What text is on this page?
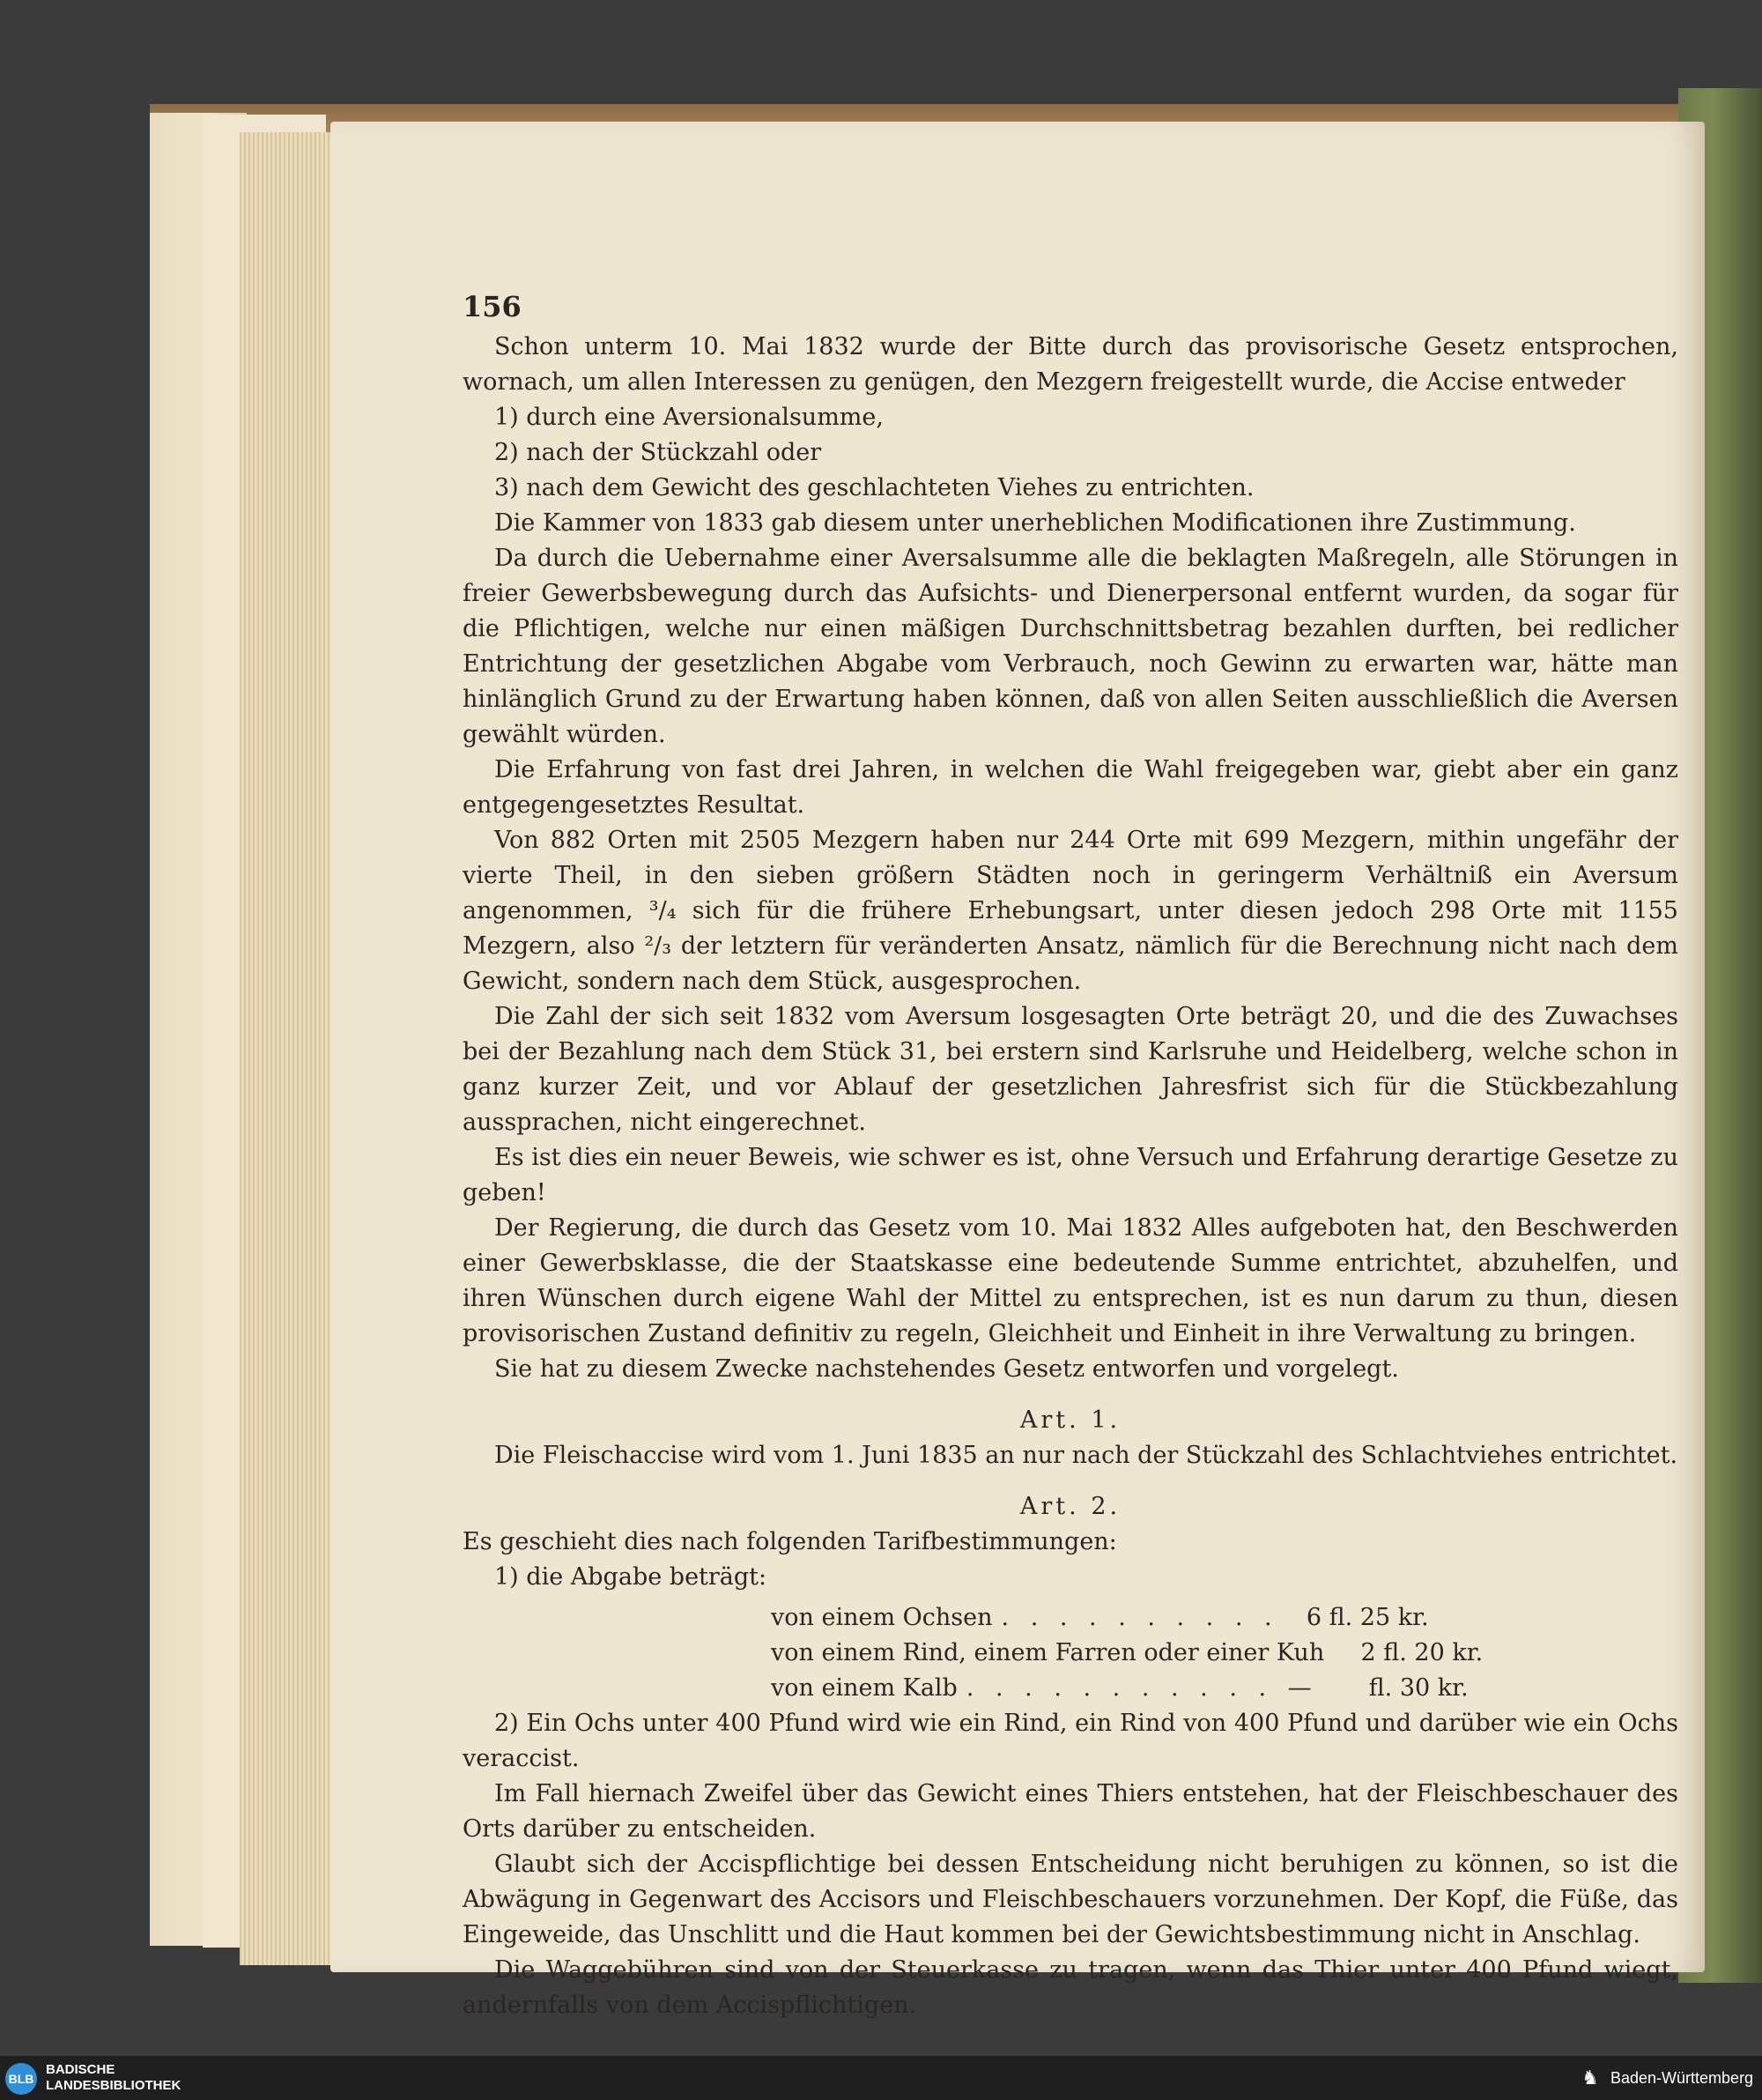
156

Schon unterm 10. Mai 1832 wurde der Bitte durch das provisorische Gesetz entsprochen, wornach, um allen Interessen zu genügen, den Mezgern freigestellt wurde, die Accise entweder

1) durch eine Aversionalsumme,
2) nach der Stückzahl oder
3) nach dem Gewicht des geschlachteten Viehes zu entrichten.

Die Kammer von 1833 gab diesem unter unerheblichen Modificationen ihre Zustimmung.

Da durch die Uebernahme einer Aversalsumme alle die beklagten Maßregeln, alle Störungen in freier Gewerbsbewegung durch das Aufsichts- und Dienerpersonal entfernt wurden, da sogar für die Pflichtigen, welche nur einen mäßigen Durchschnittsbetrag bezahlen durften, bei redlicher Entrichtung der gesetzlichen Abgabe vom Verbrauch, noch Gewinn zu erwarten war, hätte man hinlänglich Grund zu der Erwartung haben können, daß von allen Seiten ausschließlich die Aversen gewählt würden.

Die Erfahrung von fast drei Jahren, in welchen die Wahl freigegeben war, giebt aber ein ganz entgegengesetztes Resultat.

Von 882 Orten mit 2505 Mezgern haben nur 244 Orte mit 699 Mezgern, mithin ungefähr der vierte Theil, in den sieben größern Städten noch in geringerm Verhältniß ein Aversum angenommen, ³/₄ sich für die frühere Erhebungsart, unter diesen jedoch 298 Orte mit 1155 Mezgern, also ²/₃ der letztern für veränderten Ansatz, nämlich für die Berechnung nicht nach dem Gewicht, sondern nach dem Stück, ausgesprochen.

Die Zahl der sich seit 1832 vom Aversum losgesagten Orte beträgt 20, und die des Zuwachses bei der Bezahlung nach dem Stück 31, bei erstern sind Karlsruhe und Heidelberg, welche schon in ganz kurzer Zeit, und vor Ablauf der gesetzlichen Jahresfrist sich für die Stückbezahlung aussprachen, nicht eingerechnet.

Es ist dies ein neuer Beweis, wie schwer es ist, ohne Versuch und Erfahrung derartige Gesetze zu geben!

Der Regierung, die durch das Gesetz vom 10. Mai 1832 Alles aufgeboten hat, den Beschwerden einer Gewerbsklasse, die der Staatskasse eine bedeutende Summe entrichtet, abzuhelfen, und ihren Wünschen durch eigene Wahl der Mittel zu entsprechen, ist es nun darum zu thun, diesen provisorischen Zustand definitiv zu regeln, Gleichheit und Einheit in ihre Verwaltung zu bringen.

Sie hat zu diesem Zwecke nachstehendes Gesetz entworfen und vorgelegt.

Art. 1.

Die Fleischaccise wird vom 1. Juni 1835 an nur nach der Stückzahl des Schlachtviehes entrichtet.

Art. 2.

Es geschieht dies nach folgenden Tarifbestimmungen:

1) die Abgabe beträgt:

von einem Ochsen . . . . . . . . . .	6 fl. 25 kr.
von einem Rind, einem Farren oder einer Kuh	2 fl. 20 kr.
von einem Kalb . . . . . . . . . . . —	fl. 30 kr.

2) Ein Ochs unter 400 Pfund wird wie ein Rind, ein Rind von 400 Pfund und darüber wie ein Ochs veraccist.

Im Fall hiernach Zweifel über das Gewicht eines Thiers entstehen, hat der Fleischbeschauer des Orts darüber zu entscheiden.

Glaubt sich der Accispflichtige bei dessen Entscheidung nicht beruhigen zu können, so ist die Abwägung in Gegenwart des Accisors und Fleischbeschauers vorzunehmen. Der Kopf, die Füße, das Eingeweide, das Unschlitt und die Haut kommen bei der Gewichtsbestimmung nicht in Anschlag.

Die Waggebühren sind von der Steuerkasse zu tragen, wenn das Thier unter 400 Pfund wiegt, andernfalls von dem Accispflichtigen.

BLB
BADISCHE
LANDESBIBLIOTHEK	♞ Baden-Württemberg
